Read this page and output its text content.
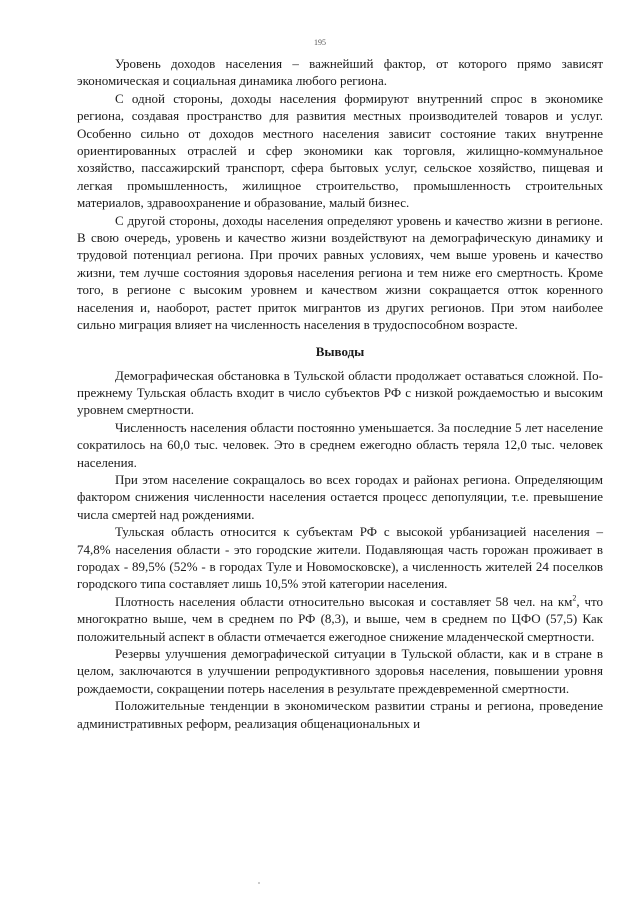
195

Уровень доходов населения – важнейший фактор, от которого прямо зависят экономическая и социальная динамика любого региона.

С одной стороны, доходы населения формируют внутренний спрос в экономике региона, создавая пространство для развития местных производителей товаров и услуг. Особенно сильно от доходов местного населения зависит состояние таких внутренне ориентированных отраслей и сфер экономики как торговля, жилищно-коммунальное хозяйство, пассажирский транспорт, сфера бытовых услуг, сельское хозяйство, пищевая и легкая промышленность, жилищное строительство, промышленность строительных материалов, здравоохранение и образование, малый бизнес.

С другой стороны, доходы населения определяют уровень и качество жизни в регионе. В свою очередь, уровень и качество жизни воздействуют на демографическую динамику и трудовой потенциал региона. При прочих равных условиях, чем выше уровень и качество жизни, тем лучше состояния здоровья населения региона и тем ниже его смертность. Кроме того, в регионе с высоким уровнем и качеством жизни сокращается отток коренного населения и, наоборот, растет приток мигрантов из других регионов. При этом наиболее сильно миграция влияет на численность населения в трудоспособном возрасте.

Выводы

Демографическая обстановка в Тульской области продолжает оставаться сложной. По-прежнему Тульская область входит в число субъектов РФ с низкой рождаемостью и высоким уровнем смертности.

Численность населения области постоянно уменьшается. За последние 5 лет население сократилось на 60,0 тыс. человек. Это в среднем ежегодно область теряла 12,0 тыс. человек населения.

При этом население сокращалось во всех городах и районах региона. Определяющим фактором снижения численности населения остается процесс депопуляции, т.е. превышение числа смертей над рождениями.

Тульская область относится к субъектам РФ с высокой урбанизацией населения – 74,8% населения области - это городские жители. Подавляющая часть горожан проживает в городах - 89,5% (52% - в городах Туле и Новомосковске), а численность жителей 24 поселков городского типа составляет лишь 10,5% этой категории населения.

Плотность населения области относительно высокая и составляет 58 чел. на $км^2$, что многократно выше, чем в среднем по РФ (8,3), и выше, чем в среднем по ЦФО (57,5) Как положительный аспект в области отмечается ежегодное снижение младенческой смертности.

Резервы улучшения демографической ситуации в Тульской области, как и в стране в целом, заключаются в улучшении репродуктивного здоровья населения, повышении уровня рождаемости, сокращении потерь населения в результате преждевременной смертности.

Положительные тенденции в экономическом развитии страны и региона, проведение административных реформ, реализация общенациональных и
